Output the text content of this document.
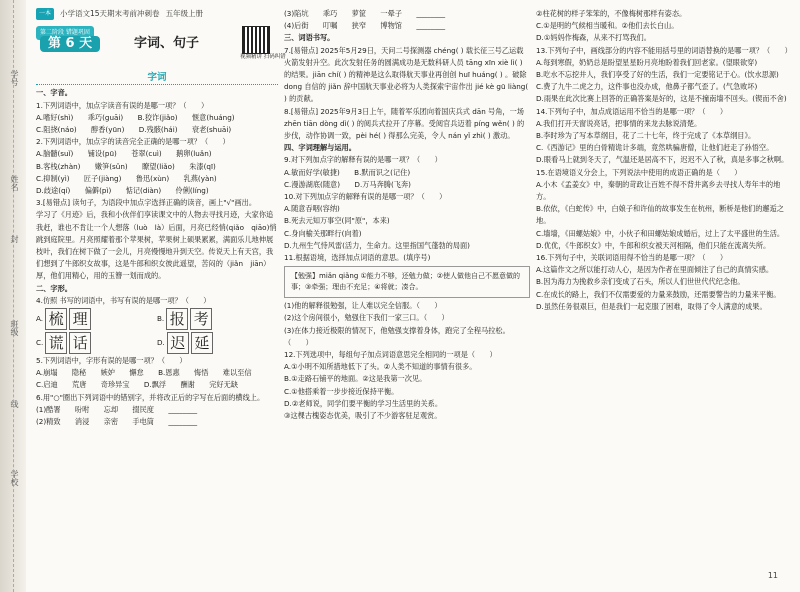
学号
姓名
封
班级
线
学校
一本	小学语文15天期末考前冲刺卷 五年级上册
第二阶段 错题巩固
第 6 天	字词、句子
视频精讲 扫码纠错
字词
一、字音。
1.下列词语中，加点字读音有误的是哪一项？（　　）
A.嗜好(shì)　　乖巧(guāi)　　B.狡诈(jiǎo)　　惬意(huáng)
C.阻挠(náo)　　醇香(yūn)　　D.残骸(hái)　　衰老(shuāi)
2.下列词语中，加点字的读音完全正确的是哪一项？（　　）
A.脑髓(suǐ)　　铺设(pū)　　苍翠(cuì)　　鹅卵(luǎn)
B.客栈(zhàn)　　嫩笋(sǔn)　　瞭望(liǎo)　　朱漆(qī)
C.抑制(yì)　　匠子(jiàng)　　鲁迅(xùn)　　乳燕(yàn)
D.歧途(qí)　　偏僻(pì)　　惦记(diàn)　　伶俐(líng)
3.[易错点] 读句子，为语段中加点字选择正确的读音，画上"√"画出。
学习了《月迹》后，我和小伙伴们享读课文中的人物去寻找月迹，大家你追我赶，谁也不肯让一个人想落（luò　là）后面，月亮已经悄(qiǎo　qiāo)悄跳到庭院里。月亮照耀着那个苹果树，苹果树上硕果累累，满面乐儿地伸展枝叶，我们在树下做了一会儿，月亮慢慢地升到天空。传说天上有天宫，我们想到了牛郎织女故事，这是牛郎和织女彼此遥望，苦闷的（jiǎn　jiān）厚，他们用精心，用的玉簪一划而成的。
二、字形。
4.仿照 书写的词语中，书写有误的是哪一项？（　　）
A. 梳 理	B. 报 考
C. 谎 话	D. 迟 延
5.下列词语中，字形有误的是哪一项？（　　）
A.崩塌　　隐秘　　嫉妒　　懈怠　　B.恩惠　　悔悟　　难以至信
C.启迪　　荒唐　　奇珍异宝　　D.飘浮　　酬谢　　完好无缺
6.用"○"圈出下列词语中的错别字，并将改正后的字写在后面的横线上。
(1)酷署　　吩咐　　忘却　　掇民度　　________
(2)精致　　消浸　　亲密　　手电筒　　________
(3)陷坑　　乖巧　　萝筐　　一晕子　　________
(4)后街　　叮嘱　　狭窄　　博物馆　　________
三、词语书写。
7.[易错点] 2025年5月29日，天问二号探测器 chéng( ) 载长征三号乙运载火箭发射升空。此次发射任务的圆满成功是无数科研人员 tāng xīn xiè lì( ) 的结果。jiān chí( ) 的精神是这么取得航天事业再创创 huī huáng( ) 。破除 dong 自信的 jiǎn 辞中国航天事业必将为人类探索宇宙作出 jié kè gū liàng( ) 的贡献。
8.[易错点] 2025年9月3日上午，随着军乐团向着国庆兵式 dān 号角，一场 zhēn tiān dòng dì( ) 的阅兵式拉开了序幕。受阅官兵迈着 píng wěn( ) 的步伐，动作协调一致，pèi hé( ) 得那么完美，令人 nán yǐ zhì( ) 激动。
四、字词理解与运用。
9.对下列加点字的解释有误的是哪一项？（　　）
A.敏而好学(敏捷)　　B.默而识之(记住)
C.漫游湖底(随意)　　D.万马奔腾(飞奔)
10.对下列加点字的解释有误的是哪一项？（　　）
A.随意吞咽(容纳)
B.死去元知万事空(同"原"，本来)
C.身向榆关那畔行(向着)
D.九州生气恃风雷(活力，生命力。这里指国气蓬勃的局面)
11.根据语境，选择加点词语的意思。(填序号)
【勉强】miǎn qiǎng ①能力不够，还勉力做；②使人做他自己不愿意做的事；③牵强；理由不充足；④将就；凑合。
(1)他的解释很勉强，让人难以完全信服。（　　）
(2)这个房间很小，勉强住下我们一家三口。（　　）
(3)在体力接近极限的情况下，他勉强支撑着身体，跑完了全程马拉松。（　　）
12.下列选项中，每组句子加点词语意思完全相同的一项是（　　）
A.①小明不知所措地低下了头。②人类不知道的事情有很多。
B.①走路石铺平的地面。②这是我第一次见。
C.①他搭乘着一步步接近保持平衡。
D.②老师说，同学们要平衡的学习生活里的关系。
③这棵古槐姿态优美，吸引了不少游客驻足观赏。
②柱花树的样子笨笨的，不像梅树那样有姿态。
C.①是明的气候相当暖和。②他们去长白山。
D.①妈妈作梅森，从来不打骂我们。
13.下列句子中，画线部分的内容不能用括号里的词语替换的是哪一项？（　　）
A.每到寒假，奶奶总是盼望星星盼月亮地盼着我们回老家。(望眼欲穿)
B.吃水不忘挖井人，我们享受了好的生活，我们一定要铭记于心。(饮水思源)
C.费了九牛二虎之力，这件事也没办成，他鼻子都气歪了。(气急败坏)
D.雨果在此次比赛上回答的正确答案是好的，这是不撞南墙不回头。(锲而不舍)
14.下列句子中，加点成语运用不恰当的是哪一项？（　　）
A.我们打开天窗说亮话，把事情的来龙去脉说清楚。
B.李时珍为了写本草纲目，花了二十七年，终于完成了《本草纲目》。
C.《西游记》里的白骨精诡计多端，竟然哄骗唐僧，让他们赶走了孙悟空。
D.眼看马上就到冬天了，气温还是居高不下，迟迟不入了秋，真是多事之秋啊。
15.在语境语义分会上，下列说法中使用的成语正确的是（　　）
A.小木《孟姜女》中，秦朝的苛政让百姓不得不背井离乡去寻找人寿年丰的地方。
B.依依，《白蛇传》中，白娘子和许仙的故事发生在杭州，断桥是他们的邂逅之地。
C.墙墙，《田螺姑娘》中，小伙子和田螺姑娘成婚后，过上了太平盛世的生活。
D.优优，《牛郎织女》中，牛郎和织女被天河相隔，他们只能在流离失所。
16.下列句子中，关联词语用得不恰当的是哪一项？（　　）
A.这篇作文之所以能打动人心，是因为作者在里面倾注了自己的真情实感。
B.因为海力为挽救乡亲们变成了石头，所以人们世世代代纪念他。
C.在成长的路上，我们不仅需要爱的力量来鼓励，还需要警告的力量来平衡。
D.虽然任务很艰巨，但是我们一起克服了困难，取得了令人满意的成果。
11
